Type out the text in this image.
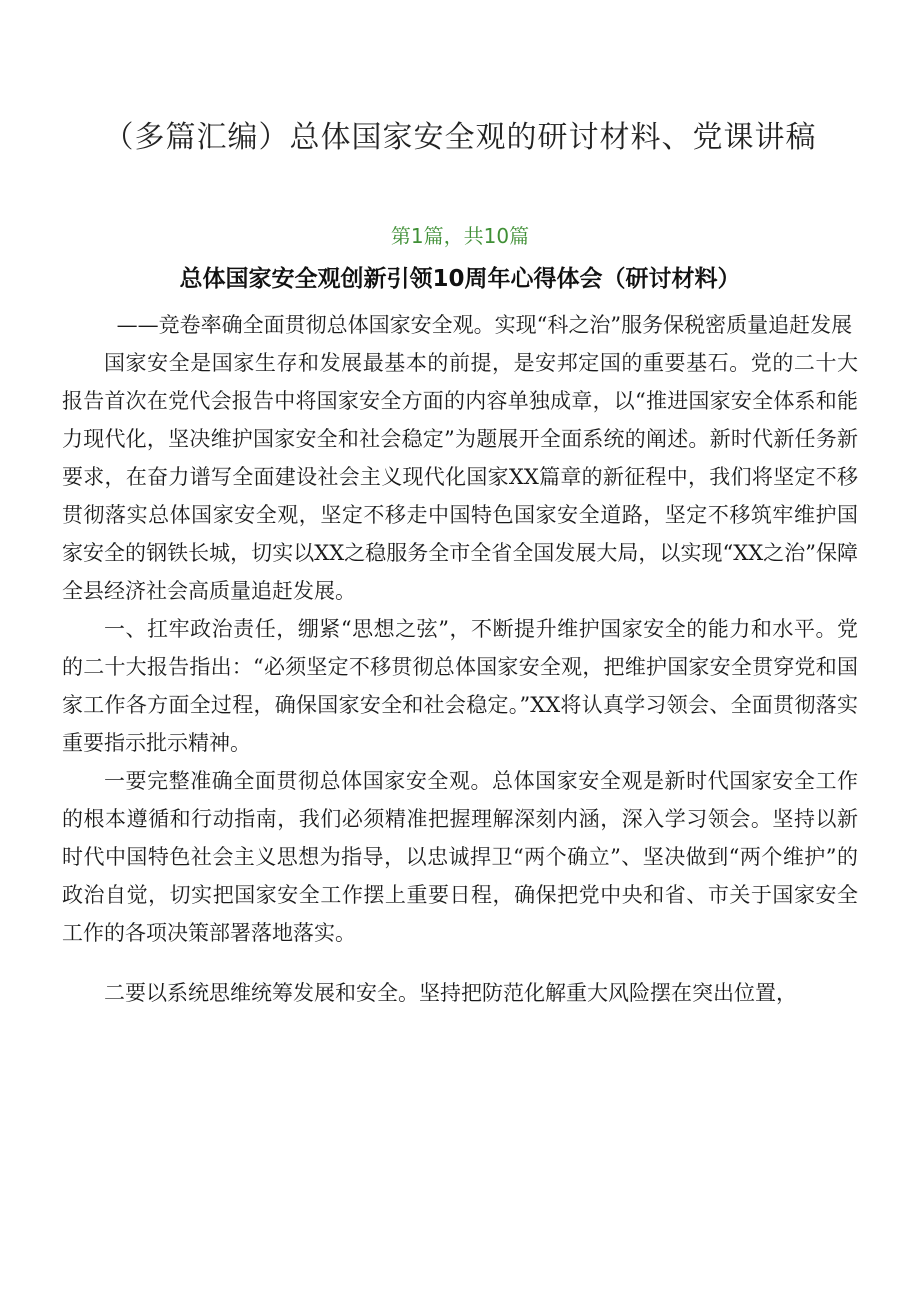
（多篇汇编）总体国家安全观的研讨材料、党课讲稿
第1篇，共10篇
总体国家安全观创新引领10周年心得体会（研讨材料）

——竞卷率确全面贯彻总体国家安全观。实现“科之治”服务保税密质量追赶发展

国家安全是国家生存和发展最基本的前提，是安邦定国的重要基石。党的二十大报告首次在党代会报告中将国家安全方面的内容单独成章，以“推进国家安全体系和能力现代化，坚决维护国家安全和社会稳定”为题展开全面系统的阐述。新时代新任务新要求，在奋力谱写全面建设社会主义现代化国家XX篇章的新征程中，我们将坚定不移贯彻落实总体国家安全观，坚定不移走中国特色国家安全道路，坚定不移筑牢维护国家安全的钢铁长城，切实以XX之稳服务全市全省全国发展大局，以实现“XX之治”保障全县经济社会高质量追赶发展。

一、扛牢政治责任，绷紧“思想之弦”，不断提升维护国家安全的能力和水平。党的二十大报告指出：“必须坚定不移贯彻总体国家安全观，把维护国家安全贯穿党和国家工作各方面全过程，确保国家安全和社会稳定。”XX将认真学习领会、全面贯彻落实重要指示批示精神。

一要完整准确全面贯彻总体国家安全观。总体国家安全观是新时代国家安全工作的根本遵循和行动指南，我们必须精准把握理解深刻内涵，深入学习领会。坚持以新时代中国特色社会主义思想为指导，以忠诚捍卫“两个确立”、坚决做到“两个维护”的政治自觉，切实把国家安全工作摆上重要日程，确保把党中央和省、市关于国家安全工作的各项决策部署落地落实。

二要以系统思维统筹发展和安全。坚持把防范化解重大风险摆在突出位置，
